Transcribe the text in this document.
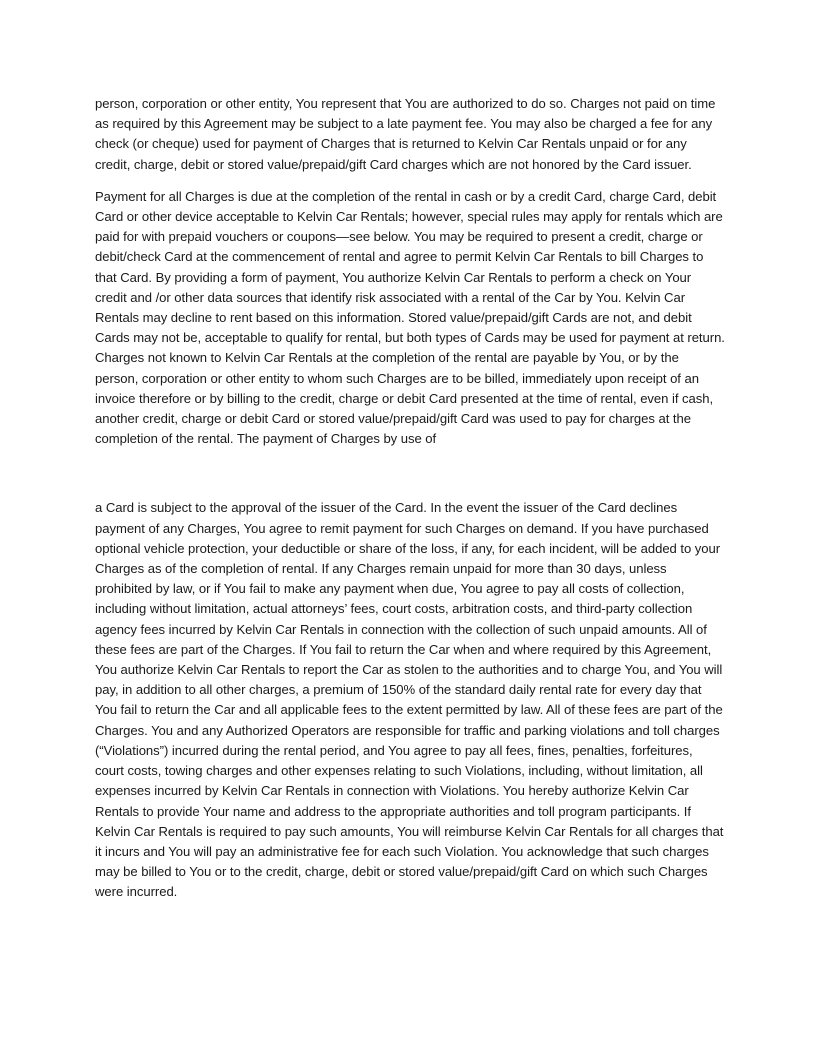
person, corporation or other entity, You represent that You are authorized to do so. Charges not paid on time as required by this Agreement may be subject to a late payment fee. You may also be charged a fee for any check (or cheque) used for payment of Charges that is returned to Kelvin Car Rentals unpaid or for any credit, charge, debit or stored value/prepaid/gift Card charges which are not honored by the Card issuer.

Payment for all Charges is due at the completion of the rental in cash or by a credit Card, charge Card, debit Card or other device acceptable to Kelvin Car Rentals; however, special rules may apply for rentals which are paid for with prepaid vouchers or coupons—see below. You may be required to present a credit, charge or debit/check Card at the commencement of rental and agree to permit Kelvin Car Rentals to bill Charges to that Card. By providing a form of payment, You authorize Kelvin Car Rentals to perform a check on Your credit and /or other data sources that identify risk associated with a rental of the Car by You. Kelvin Car Rentals may decline to rent based on this information. Stored value/prepaid/gift Cards are not, and debit Cards may not be, acceptable to qualify for rental, but both types of Cards may be used for payment at return. Charges not known to Kelvin Car Rentals at the completion of the rental are payable by You, or by the person, corporation or other entity to whom such Charges are to be billed, immediately upon receipt of an invoice therefore or by billing to the credit, charge or debit Card presented at the time of rental, even if cash, another credit, charge or debit Card or stored value/prepaid/gift Card was used to pay for charges at the completion of the rental. The payment of Charges by use of

a Card is subject to the approval of the issuer of the Card. In the event the issuer of the Card declines payment of any Charges, You agree to remit payment for such Charges on demand. If you have purchased optional vehicle protection, your deductible or share of the loss, if any, for each incident, will be added to your Charges as of the completion of rental. If any Charges remain unpaid for more than 30 days, unless prohibited by law, or if You fail to make any payment when due, You agree to pay all costs of collection, including without limitation, actual attorneys’ fees, court costs, arbitration costs, and third-party collection agency fees incurred by Kelvin Car Rentals in connection with the collection of such unpaid amounts. All of these fees are part of the Charges. If You fail to return the Car when and where required by this Agreement, You authorize Kelvin Car Rentals to report the Car as stolen to the authorities and to charge You, and You will pay, in addition to all other charges, a premium of 150% of the standard daily rental rate for every day that You fail to return the Car and all applicable fees to the extent permitted by law. All of these fees are part of the Charges. You and any Authorized Operators are responsible for traffic and parking violations and toll charges (“Violations”) incurred during the rental period, and You agree to pay all fees, fines, penalties, forfeitures, court costs, towing charges and other expenses relating to such Violations, including, without limitation, all expenses incurred by Kelvin Car Rentals in connection with Violations. You hereby authorize Kelvin Car Rentals to provide Your name and address to the appropriate authorities and toll program participants. If Kelvin Car Rentals is required to pay such amounts, You will reimburse Kelvin Car Rentals for all charges that it incurs and You will pay an administrative fee for each such Violation. You acknowledge that such charges may be billed to You or to the credit, charge, debit or stored value/prepaid/gift Card on which such Charges were incurred.
